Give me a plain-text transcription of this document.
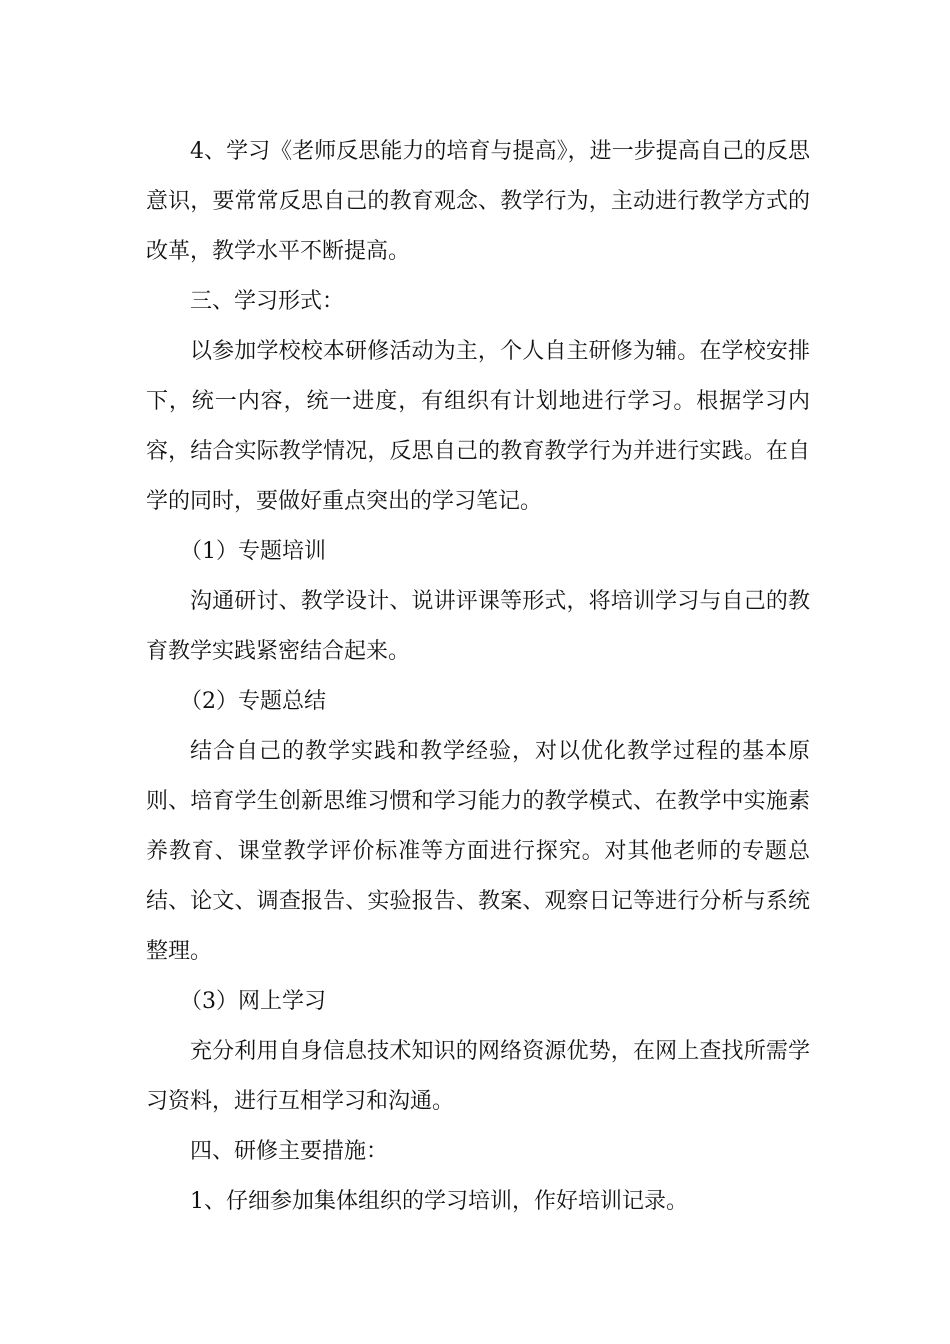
4、学习《老师反思能力的培育与提高》，进一步提高自己的反思意识，要常常反思自己的教育观念、教学行为，主动进行教学方式的改革，教学水平不断提高。

三、学习形式：

以参加学校校本研修活动为主，个人自主研修为辅。在学校安排下，统一内容，统一进度，有组织有计划地进行学习。根据学习内容，结合实际教学情况，反思自己的教育教学行为并进行实践。在自学的同时，要做好重点突出的学习笔记。

（1）专题培训

沟通研讨、教学设计、说讲评课等形式，将培训学习与自己的教育教学实践紧密结合起来。

（2）专题总结

结合自己的教学实践和教学经验，对以优化教学过程的基本原则、培育学生创新思维习惯和学习能力的教学模式、在教学中实施素养教育、课堂教学评价标准等方面进行探究。对其他老师的专题总结、论文、调查报告、实验报告、教案、观察日记等进行分析与系统整理。

（3）网上学习

充分利用自身信息技术知识的网络资源优势，在网上查找所需学习资料，进行互相学习和沟通。

四、研修主要措施：

1、仔细参加集体组织的学习培训，作好培训记录。
